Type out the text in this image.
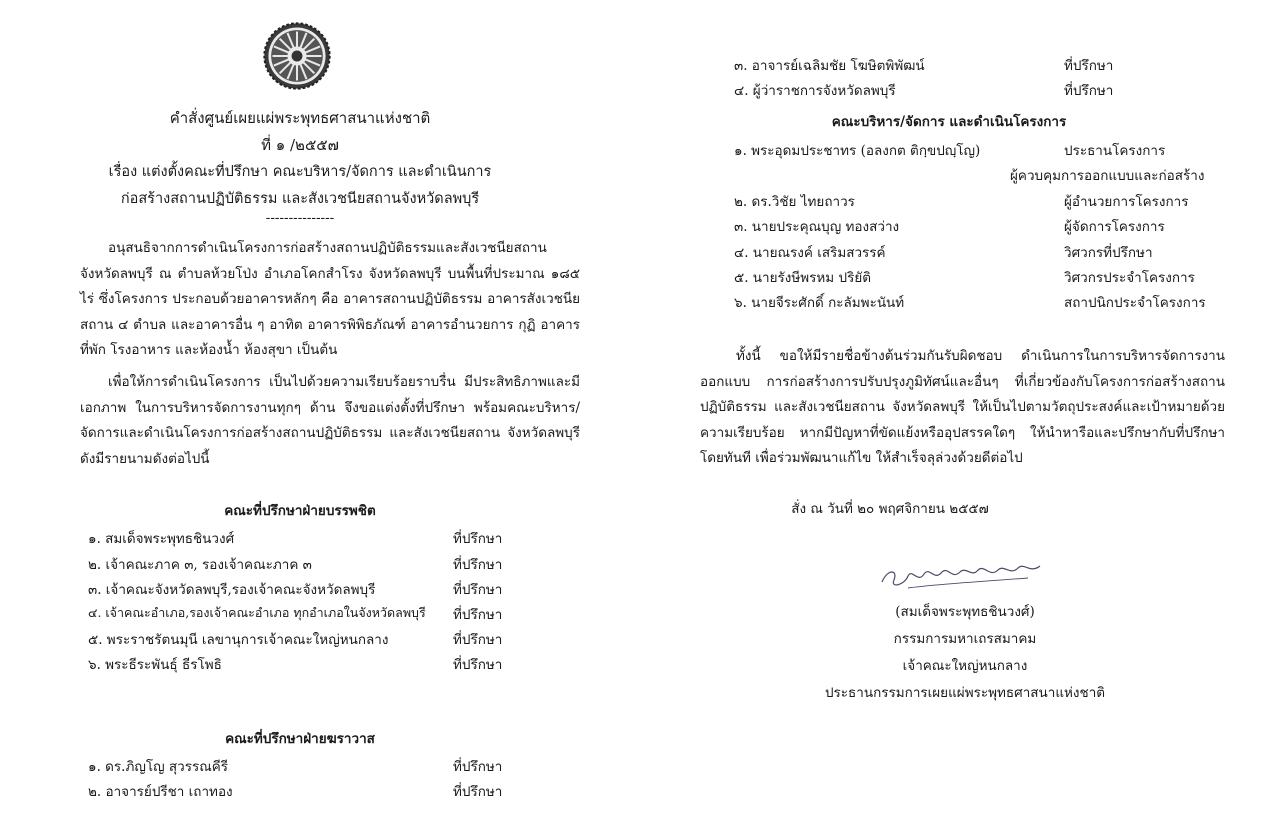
คำสั่งศูนย์เผยแผ่พระพุทธศาสนาแห่งชาติ
ที่ ๑ /๒๕๕๗
เรื่อง แต่งตั้งคณะที่ปรึกษา คณะบริหาร/จัดการ และดำเนินการ
ก่อสร้างสถานปฏิบัติธรรม และสังเวชนียสถานจังหวัดลพบุรี
---------------

อนุสนธิจากการดำเนินโครงการก่อสร้างสถานปฏิบัติธรรมและสังเวชนียสถาน จังหวัดลพบุรี ณ ตำบลห้วยโป่ง อำเภอโคกสำโรง จังหวัดลพบุรี บนพื้นที่ประมาณ ๑๘๕ ไร่ ซึ่งโครงการ ประกอบด้วยอาคารหลักๆ คือ อาคารสถานปฏิบัติธรรม อาคารสังเวชนียสถาน ๔ ตำบล และอาคารอื่น ๆ อาทิต อาคารพิพิธภัณฑ์ อาคารอำนวยการ กุฏิ อาคารที่พัก โรงอาหาร และห้องน้ำ ห้องสุขา เป็นต้น

เพื่อให้การดำเนินโครงการ เป็นไปด้วยความเรียบร้อยราบรื่น มีประสิทธิภาพและมีเอกภาพ ในการบริหารจัดการงานทุกๆ ด้าน จึงขอแต่งตั้งที่ปรึกษา พร้อมคณะบริหาร/จัดการและดำเนินโครงการก่อสร้างสถานปฏิบัติธรรม และสังเวชนียสถาน จังหวัดลพบุรี ดังมีรายนามดังต่อไปนี้

คณะที่ปรึกษาฝ่ายบรรพชิต
๑. สมเด็จพระพุทธชินวงศ์	ที่ปรึกษา
๒. เจ้าคณะภาค ๓, รองเจ้าคณะภาค ๓	ที่ปรึกษา
๓. เจ้าคณะจังหวัดลพบุรี,รองเจ้าคณะจังหวัดลพบุรี	ที่ปรึกษา
๔. เจ้าคณะอำเภอ,รองเจ้าคณะอำเภอ ทุกอำเภอในจังหวัดลพบุรี ที่ปรึกษา
๕. พระราชรัตนมุนี เลขานุการเจ้าคณะใหญ่หนกลาง	ที่ปรึกษา
๖. พระธีระพันธุ์ ธีรโพธิ	ที่ปรึกษา
คณะที่ปรึกษาฝ่ายฆราวาส
๑. ดร.ภิญโญ สุวรรณคีรี	ที่ปรึกษา
๒. อาจารย์ปรีชา เถาทอง	ที่ปรึกษา
๓. อาจารย์เฉลิมชัย โฆษิตพิพัฒน์	ที่ปรึกษา
๔. ผู้ว่าราชการจังหวัดลพบุรี	ที่ปรึกษา
คณะบริหาร/จัดการ และดำเนินโครงการ
๑. พระอุดมประชาทร (อลงกต ติกฺขปญฺโญ)	ประธานโครงการ
ผู้ควบคุมการออกแบบและก่อสร้าง
๒. ดร.วิชัย ไทยถาวร	ผู้อำนวยการโครงการ
๓. นายประคุณบุญ ทองสว่าง	ผู้จัดการโครงการ
๔. นายณรงค์ เสริมสวรรค์	วิศวกรที่ปรึกษา
๕. นายรังษีพรหม ปริยัติ	วิศวกรประจำโครงการ
๖. นายจีระศักดิ์ กะลัมพะนันท์	สถาปนิกประจำโครงการ

ทั้งนี้ ขอให้มีรายชื่อข้างต้นร่วมกันรับผิดชอบ ดำเนินการในการบริหารจัดการงานออกแบบ การก่อสร้างการปรับปรุงภูมิทัศน์และอื่นๆ ที่เกี่ยวข้องกับโครงการก่อสร้างสถานปฏิบัติธรรม และสังเวชนียสถาน จังหวัดลพบุรี ให้เป็นไปตามวัตถุประสงค์และเป้าหมายด้วยความเรียบร้อย หากมีปัญหาที่ขัดแย้งหรืออุปสรรคใดๆ ให้นำหารือและปรึกษากับที่ปรึกษาโดยทันที เพื่อร่วมพัฒนาแก้ไข ให้สำเร็จลุล่วงด้วยดีต่อไป

สั่ง ณ วันที่ ๒๐ พฤศจิกายน ๒๕๕๗
(สมเด็จพระพุทธชินวงศ์)
กรรมการมหาเถรสมาคม
เจ้าคณะใหญ่หนกลาง
ประธานกรรมการเผยแผ่พระพุทธศาสนาแห่งชาติ
